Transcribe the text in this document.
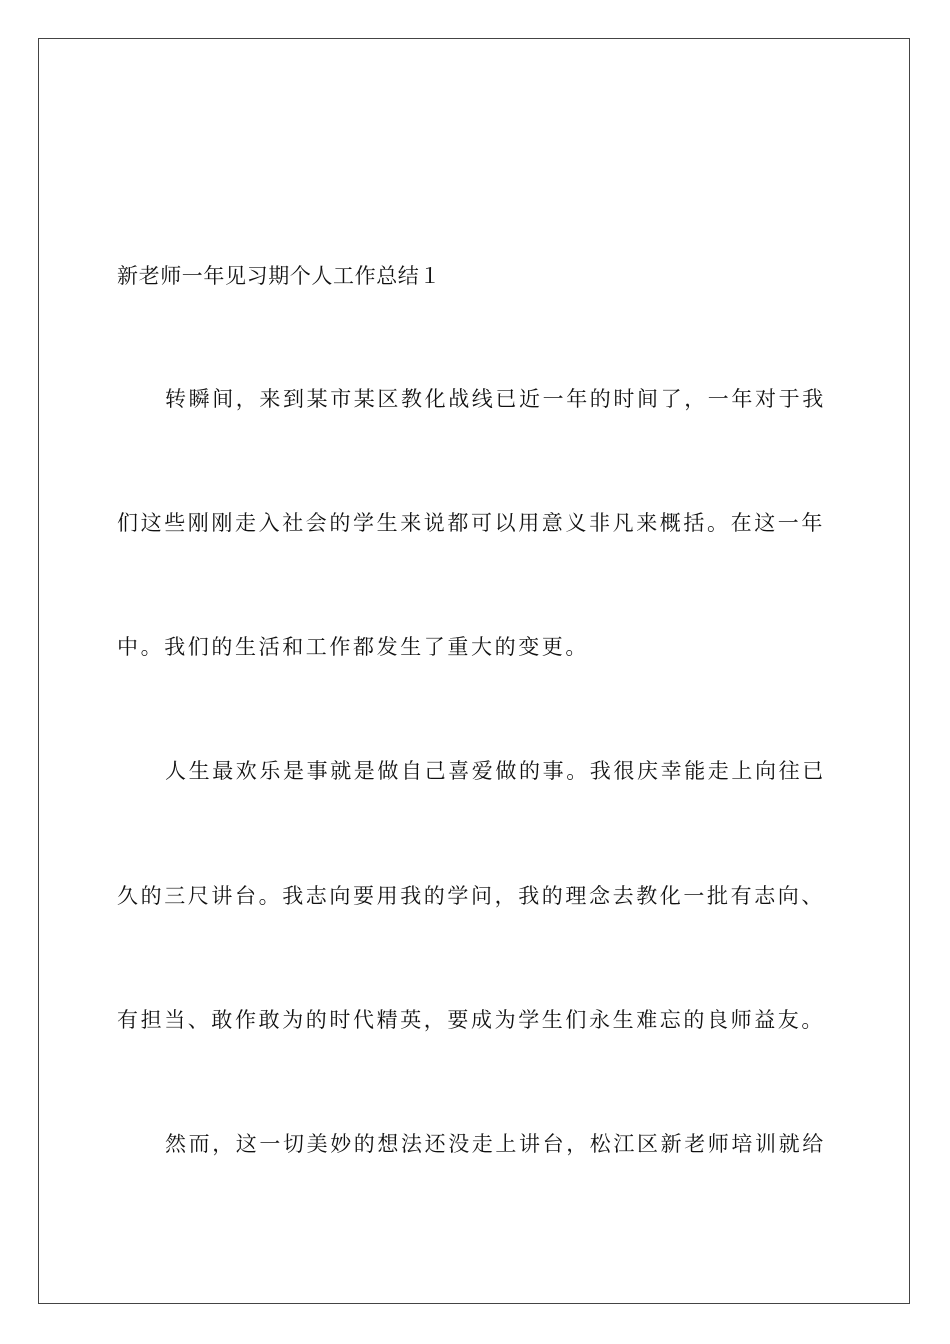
新老师一年见习期个人工作总结１
转瞬间，来到某市某区教化战线已近一年的时间了，一年对于我
们这些刚刚走入社会的学生来说都可以用意义非凡来概括。在这一年
中。我们的生活和工作都发生了重大的变更。
人生最欢乐是事就是做自己喜爱做的事。我很庆幸能走上向往已
久的三尺讲台。我志向要用我的学问，我的理念去教化一批有志向、
有担当、敢作敢为的时代精英，要成为学生们永生难忘的良师益友。
然而，这一切美妙的想法还没走上讲台，松江区新老师培训就给
